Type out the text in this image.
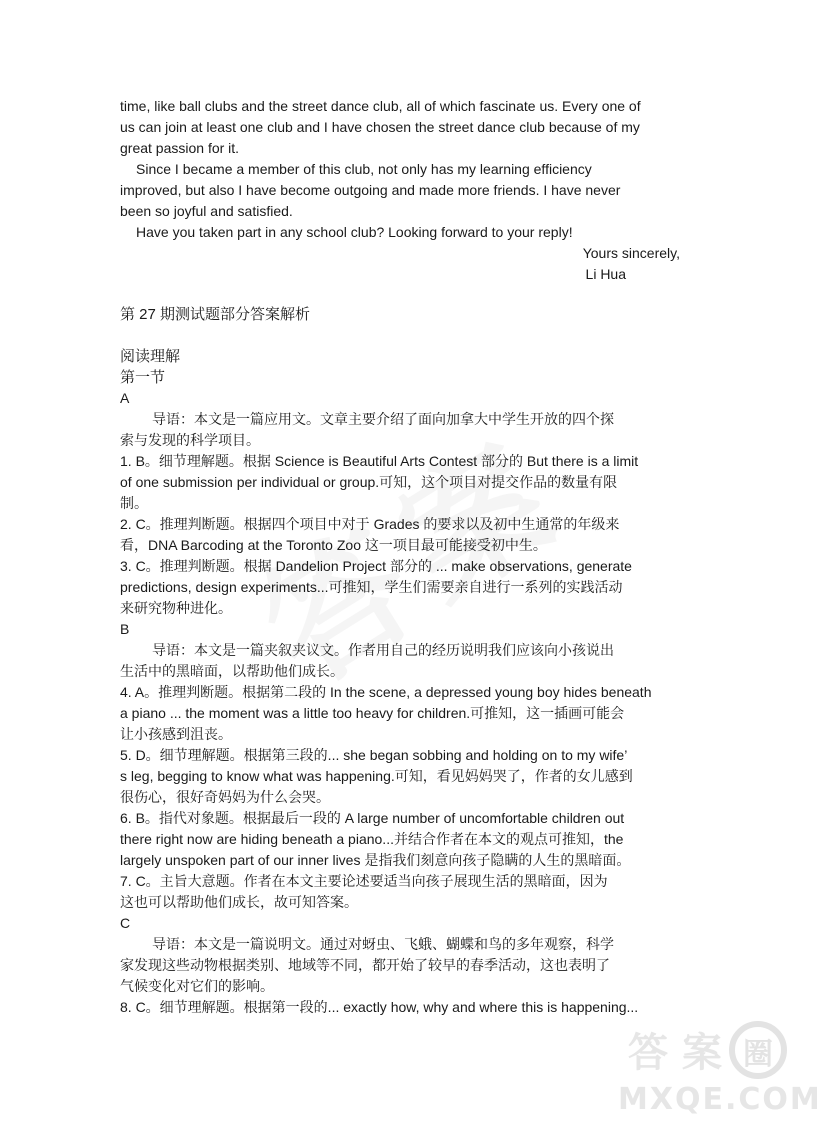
time, like ball clubs and the street dance club, all of which fascinate us. Every one of
us can join at least one club and I have chosen the street dance club because of my
great passion for it.
Since I became a member of this club, not only has my learning efficiency
improved, but also I have become outgoing and made more friends. I have never
been so joyful and satisfied.
Have you taken part in any school club? Looking forward to your reply!
Yours sincerely,
Li Hua
第 27 期测试题部分答案解析
阅读理解
第一节
A
导语：本文是一篇应用文。文章主要介绍了面向加拿大中学生开放的四个探
索与发现的科学项目。
1. B。细节理解题。根据 Science is Beautiful Arts Contest 部分的 But there is a limit
of one submission per individual or group.可知，这个项目对提交作品的数量有限
制。
2. C。推理判断题。根据四个项目中对于 Grades 的要求以及初中生通常的年级来
看，DNA Barcoding at the Toronto Zoo 这一项目最可能接受初中生。
3. C。推理判断题。根据 Dandelion Project 部分的 ... make observations, generate
predictions, design experiments...可推知，学生们需要亲自进行一系列的实践活动
来研究物种进化。
B
导语：本文是一篇夹叙夹议文。作者用自己的经历说明我们应该向小孩说出
生活中的黑暗面，以帮助他们成长。
4. A。推理判断题。根据第二段的 In the scene, a depressed young boy hides beneath
a piano ... the moment was a little too heavy for children.可推知，这一插画可能会
让小孩感到沮丧。
5. D。细节理解题。根据第三段的... she began sobbing and holding on to my wife’
s leg, begging to know what was happening.可知，看见妈妈哭了，作者的女儿感到
很伤心，很好奇妈妈为什么会哭。
6. B。指代对象题。根据最后一段的 A large number of uncomfortable children out
there right now are hiding beneath a piano...并结合作者在本文的观点可推知，the
largely unspoken part of our inner lives 是指我们刻意向孩子隐瞒的人生的黑暗面。
7. C。主旨大意题。作者在本文主要论述要适当向孩子展现生活的黑暗面，因为
这也可以帮助他们成长，故可知答案。
C
导语：本文是一篇说明文。通过对蚜虫、飞蛾、蝴蝶和鸟的多年观察，科学
家发现这些动物根据类别、地域等不同，都开始了较早的春季活动，这也表明了
气候变化对它们的影响。
8. C。细节理解题。根据第一段的... exactly how, why and where this is happening...
答 案 圈
MXQE.COM
